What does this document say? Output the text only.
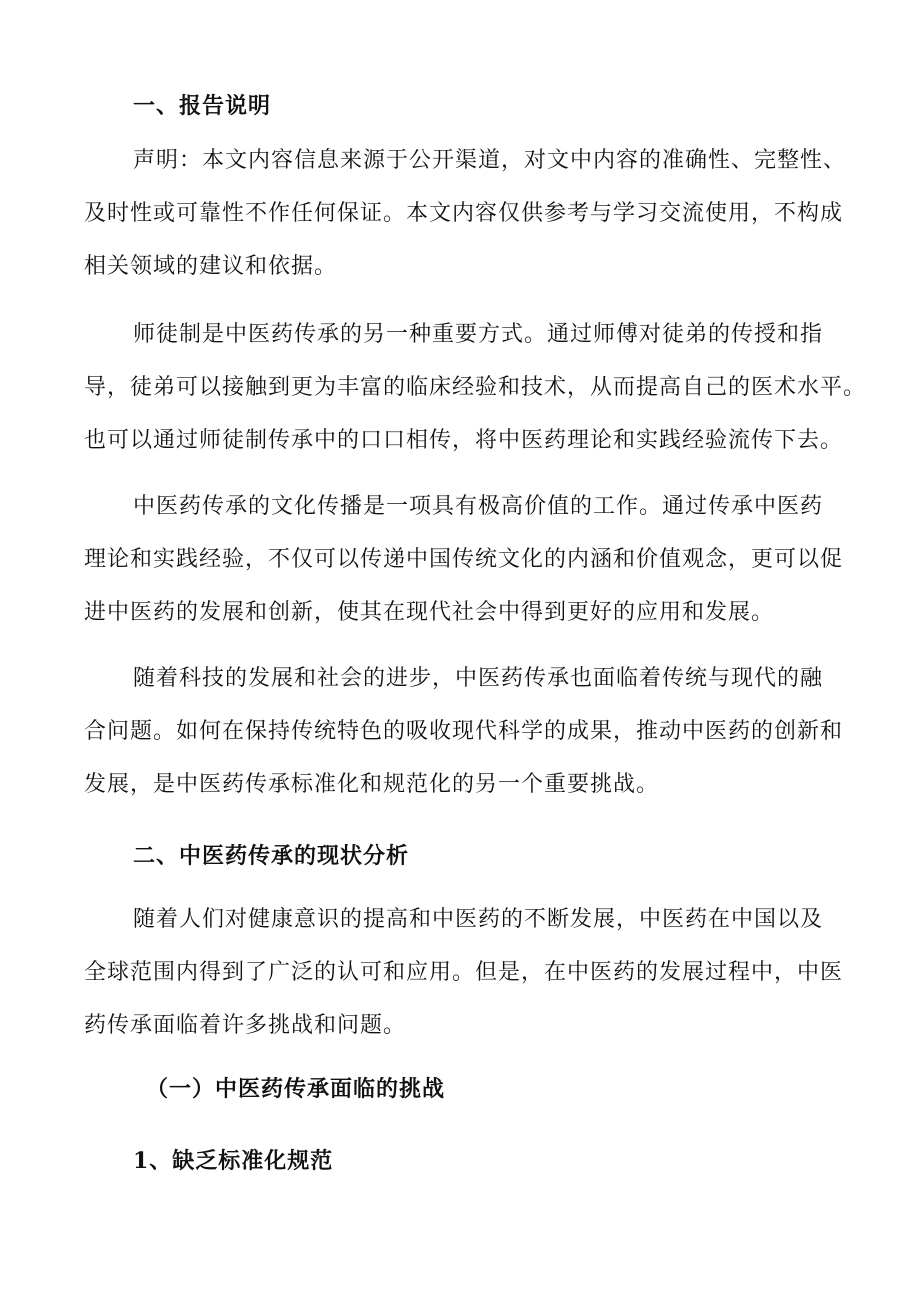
一、报告说明
声明：本文内容信息来源于公开渠道，对文中内容的准确性、完整性、
及时性或可靠性不作任何保证。本文内容仅供参考与学习交流使用，不构成
相关领域的建议和依据。
师徒制是中医药传承的另一种重要方式。通过师傅对徒弟的传授和指
导，徒弟可以接触到更为丰富的临床经验和技术，从而提高自己的医术水平。
也可以通过师徒制传承中的口口相传，将中医药理论和实践经验流传下去。
中医药传承的文化传播是一项具有极高价值的工作。通过传承中医药
理论和实践经验，不仅可以传递中国传统文化的内涵和价值观念，更可以促
进中医药的发展和创新，使其在现代社会中得到更好的应用和发展。
随着科技的发展和社会的进步，中医药传承也面临着传统与现代的融
合问题。如何在保持传统特色的吸收现代科学的成果，推动中医药的创新和
发展，是中医药传承标准化和规范化的另一个重要挑战。
二、中医药传承的现状分析
随着人们对健康意识的提高和中医药的不断发展，中医药在中国以及
全球范围内得到了广泛的认可和应用。但是，在中医药的发展过程中，中医
药传承面临着许多挑战和问题。
（一）中医药传承面临的挑战
1、缺乏标准化规范
